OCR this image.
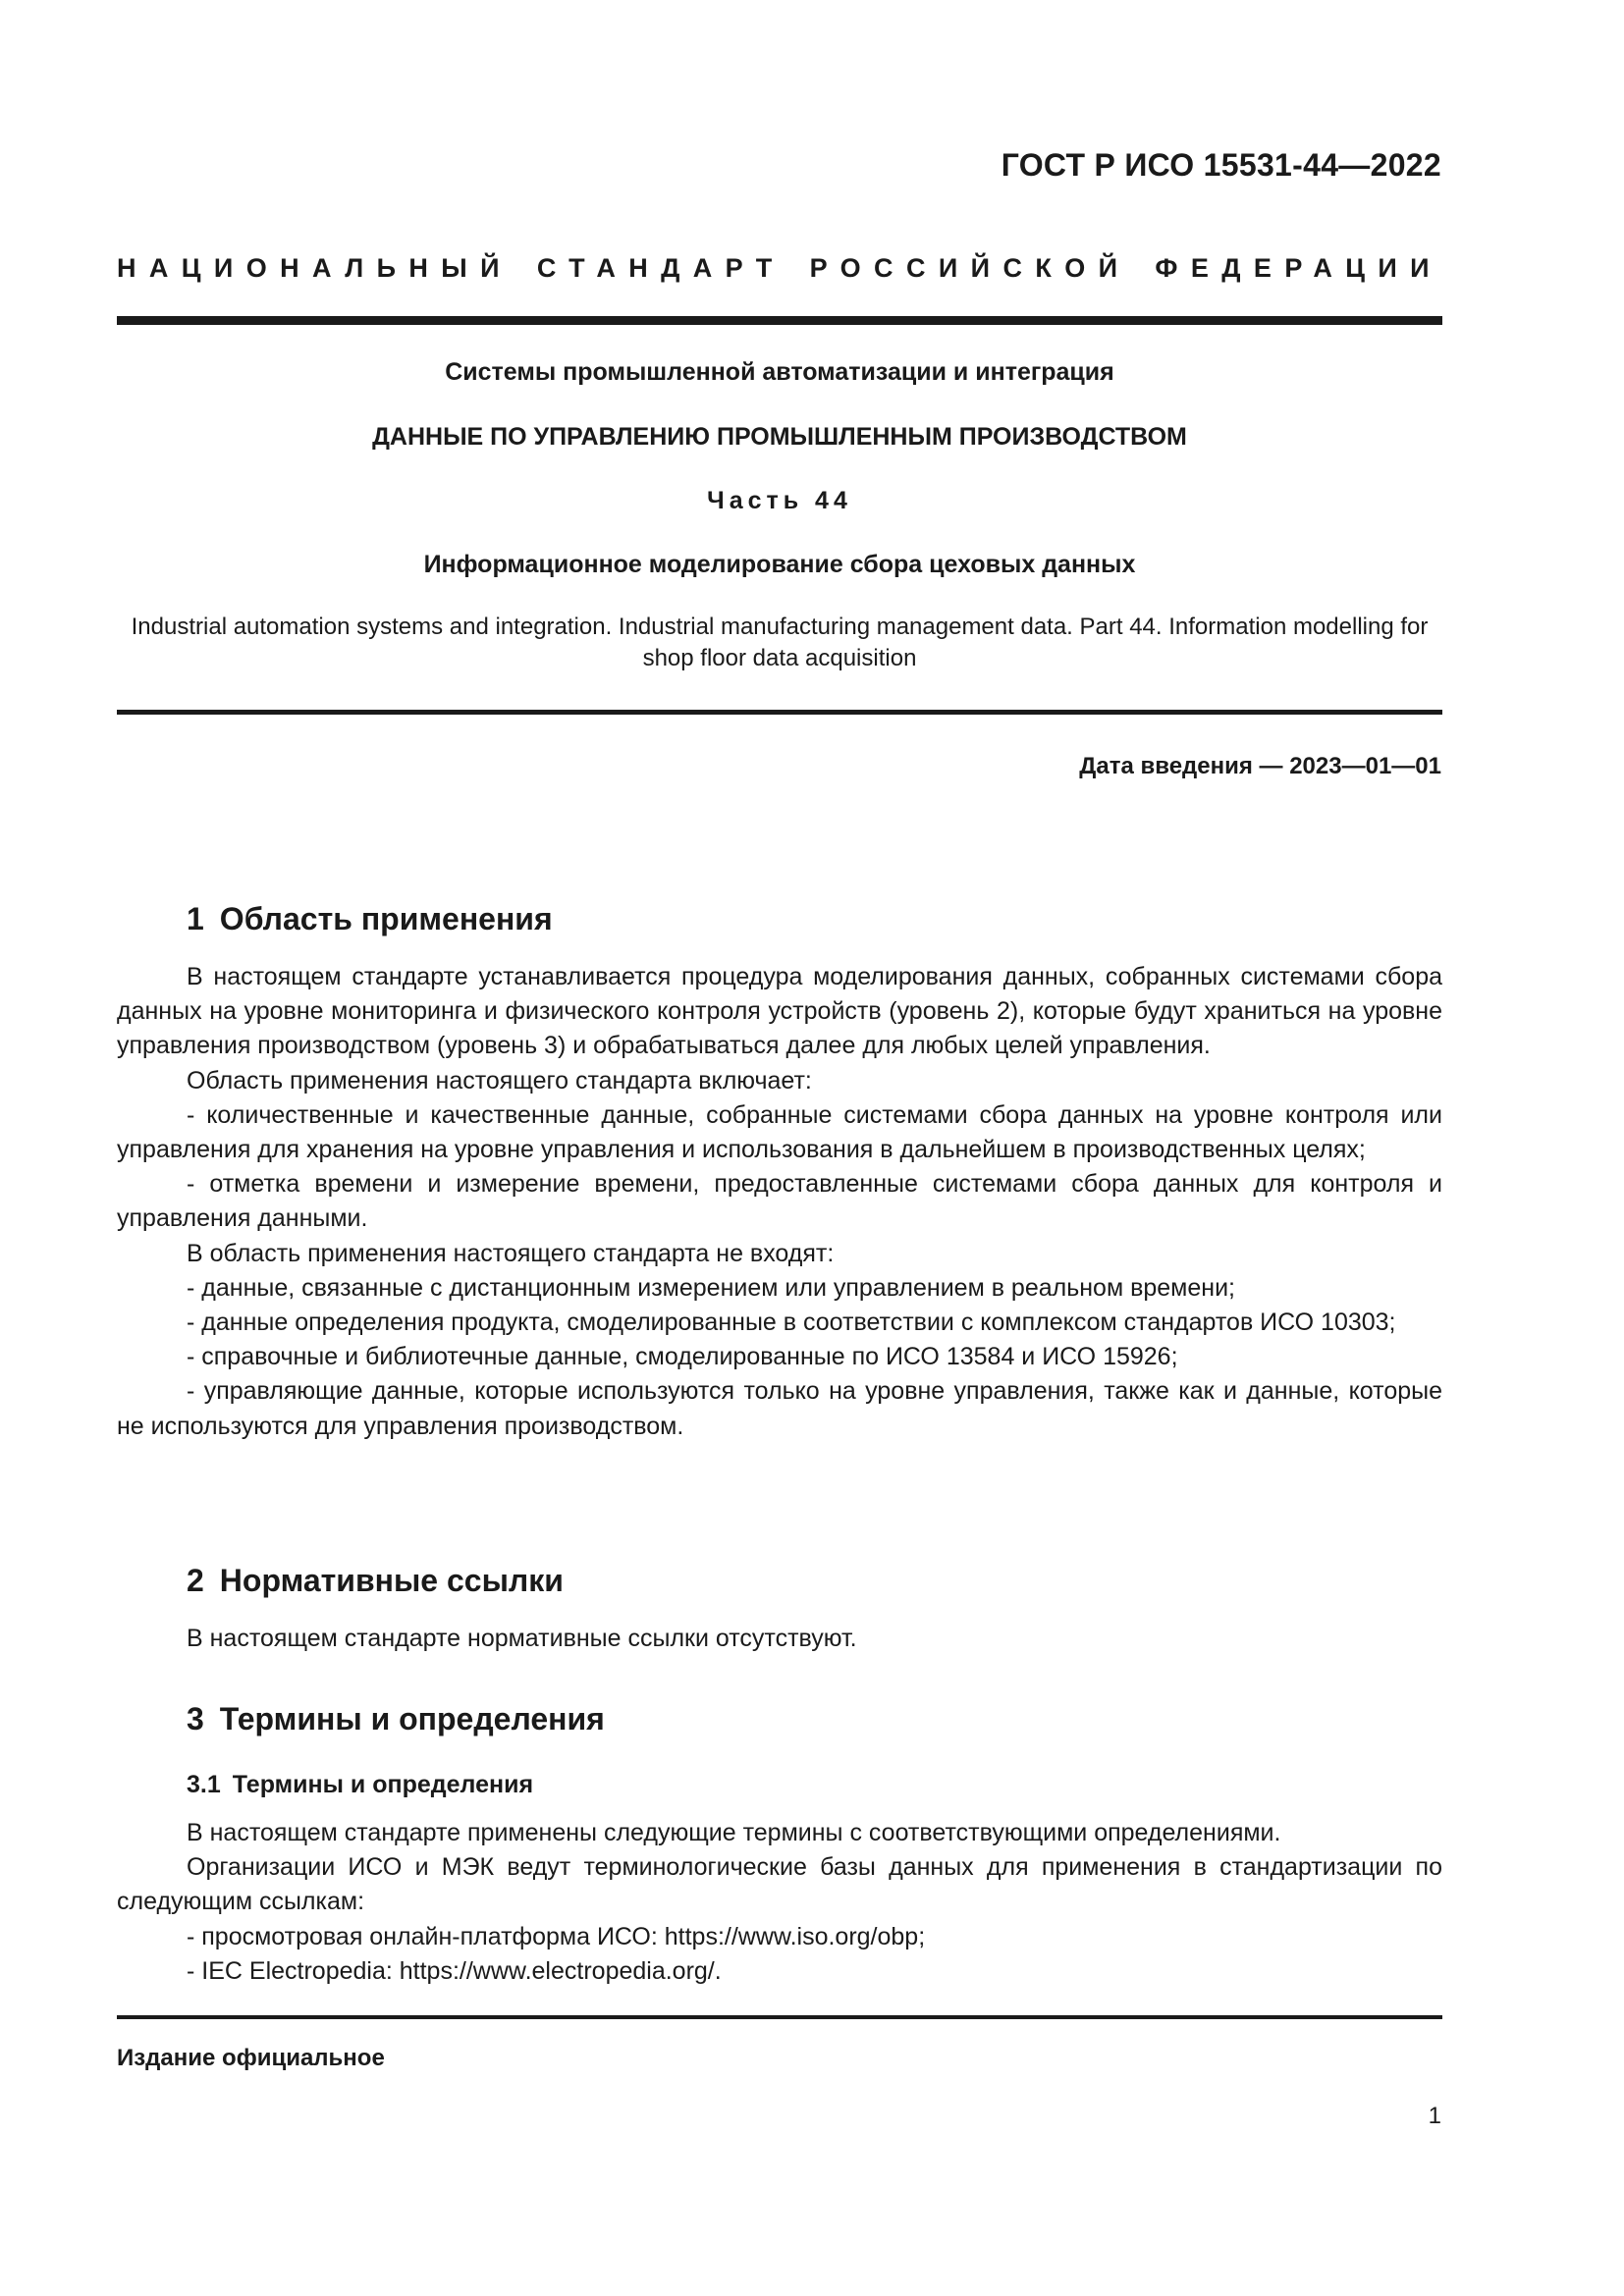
ГОСТ Р ИСО 15531-44—2022
НАЦИОНАЛЬНЫЙ СТАНДАРТ РОССИЙСКОЙ ФЕДЕРАЦИИ
Системы промышленной автоматизации и интеграция
ДАННЫЕ ПО УПРАВЛЕНИЮ ПРОМЫШЛЕННЫМ ПРОИЗВОДСТВОМ
Часть 44
Информационное моделирование сбора цеховых данных
Industrial automation systems and integration. Industrial manufacturing management data. Part 44. Information modelling for shop floor data acquisition
Дата введения — 2023—01—01
1 Область применения

В настоящем стандарте устанавливается процедура моделирования данных, собранных системами сбора данных на уровне мониторинга и физического контроля устройств (уровень 2), которые будут храниться на уровне управления производством (уровень 3) и обрабатываться далее для любых целей управления.

Область применения настоящего стандарта включает:

- количественные и качественные данные, собранные системами сбора данных на уровне контроля или управления для хранения на уровне управления и использования в дальнейшем в производственных целях;

- отметка времени и измерение времени, предоставленные системами сбора данных для контроля и управления данными.

В область применения настоящего стандарта не входят:

- данные, связанные с дистанционным измерением или управлением в реальном времени;

- данные определения продукта, смоделированные в соответствии с комплексом стандартов ИСО 10303;

- справочные и библиотечные данные, смоделированные по ИСО 13584 и ИСО 15926;

- управляющие данные, которые используются только на уровне управления, также как и данные, которые не используются для управления производством.

2 Нормативные ссылки

В настоящем стандарте нормативные ссылки отсутствуют.

3 Термины и определения
3.1 Термины и определения

В настоящем стандарте применены следующие термины с соответствующими определениями.

Организации ИСО и МЭК ведут терминологические базы данных для применения в стандартизации по следующим ссылкам:

- просмотровая онлайн-платформа ИСО: https://www.iso.org/obp;

- IEC Electropedia: https://www.electropedia.org/.

Издание официальное
1
